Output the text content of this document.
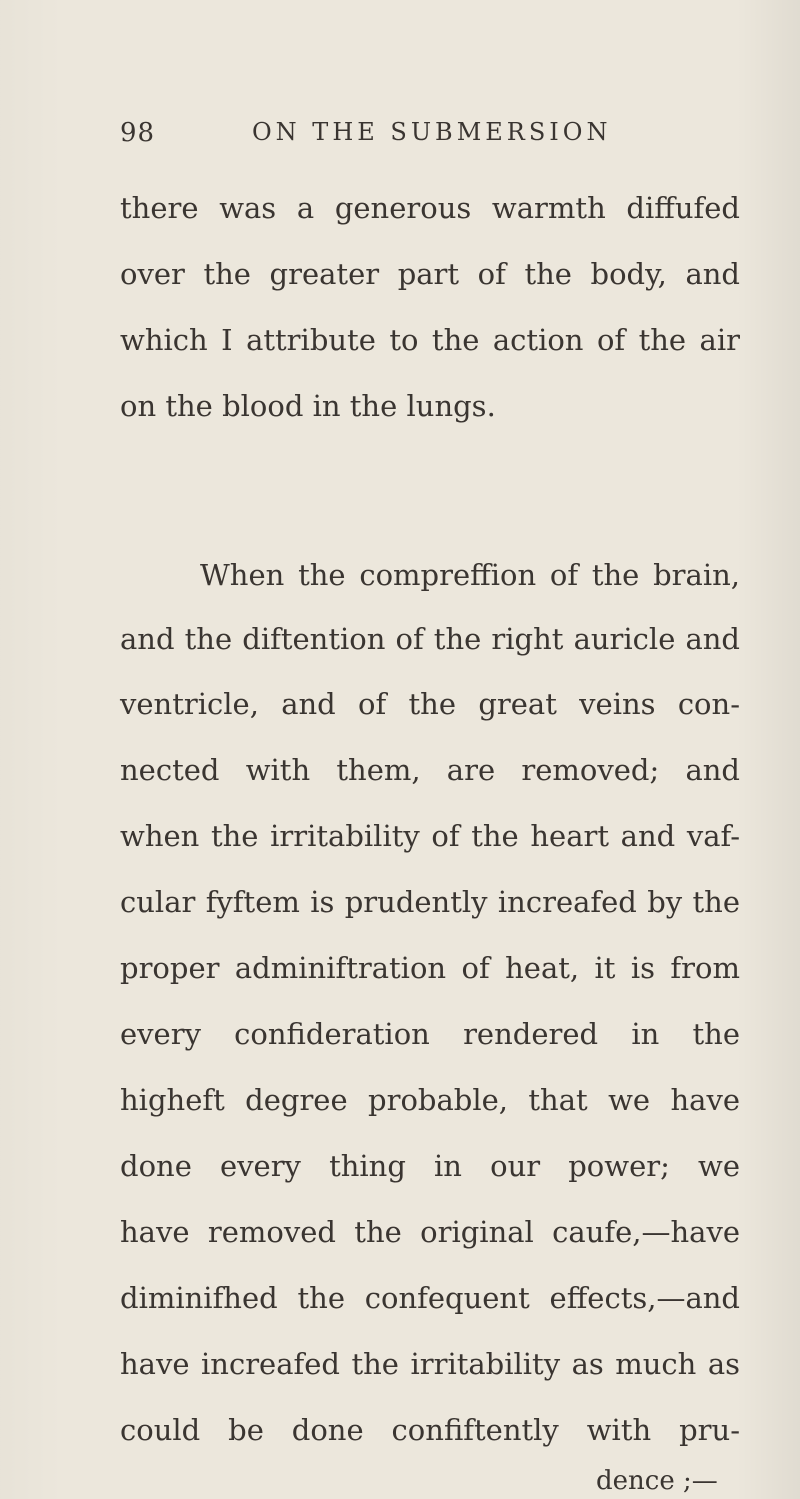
98	ON THE SUBMERSION
there was a generous warmth diffufed
over the greater part of the body, and
which I attribute to the action of the air
on the blood in the lungs.
When the compreffion of the brain,
and the diftention of the right auricle and
ventricle, and of the great veins con-
nected with them, are removed; and
when the irritability of the heart and vaf-
cular fyftem is prudently increafed by the
proper adminiftration of heat, it is from
every confideration rendered in the
higheft degree probable, that we have
done every thing in our power; we
have removed the original caufe,—have
diminifhed the confequent effects,—and
have increafed the irritability as much as
could be done confiftently with pru-
dence ;—
